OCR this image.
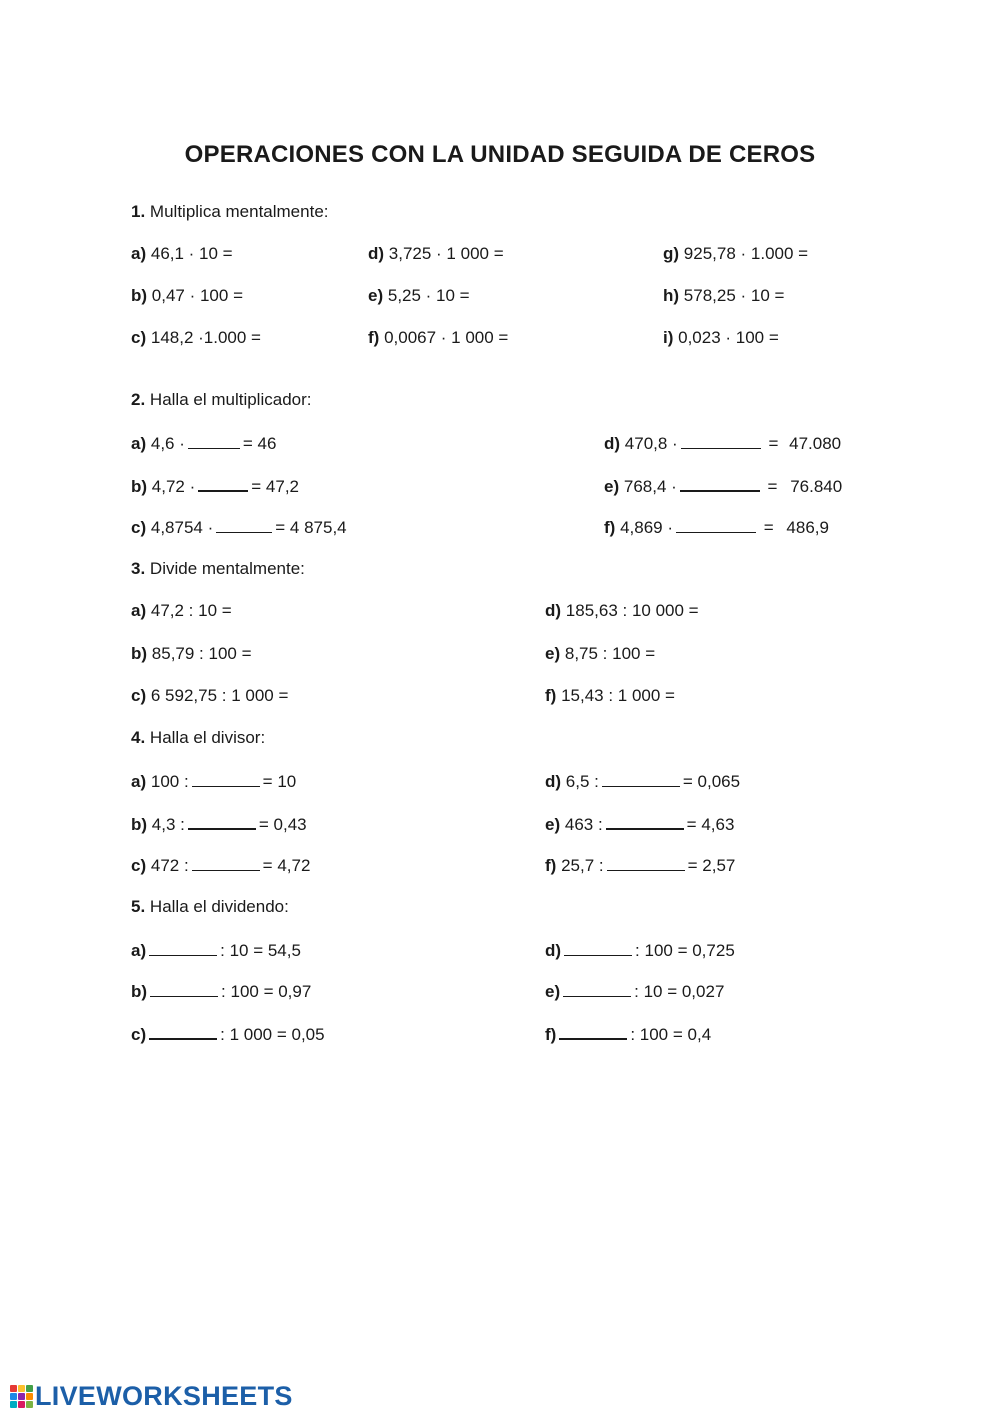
OPERACIONES CON LA UNIDAD SEGUIDA DE CEROS
1. Multiplica mentalmente:
a) 46,1 · 10 =
b) 0,47 · 100 =
c) 148,2 ·1.000 =
d) 3,725 · 1 000 =
e) 5,25 · 10 =
f) 0,0067 · 1 000 =
g) 925,78 · 1.000 =
h) 578,25 · 10 =
i) 0,023 · 100 =
2. Halla el multiplicador:
a) 4,6 ·	= 46
b) 4,72 ·	= 47,2
c) 4,8754 ·	= 4 875,4
d) 470,8 ·	= 47.080
e) 768,4 ·	= 76.840
f) 4,869 ·	= 486,9
3. Divide mentalmente:
a) 47,2 : 10 =
b) 85,79 : 100 =
c) 6 592,75 : 1 000 =
d) 185,63 : 10 000 =
e) 8,75 : 100 =
f) 15,43 : 1 000 =
4. Halla el divisor:
a) 100 :	= 10
b) 4,3 :	= 0,43
c) 472 :	= 4,72
d) 6,5 :	= 0,065
e) 463 :	= 4,63
f) 25,7 :	= 2,57
5. Halla el dividendo:
a)	: 10 = 54,5
b)	: 100 = 0,97
c)	: 1 000 = 0,05
d)	: 100 = 0,725
e)	: 10 = 0,027
f)	: 100 = 0,4
LIVEWORKSHEETS
